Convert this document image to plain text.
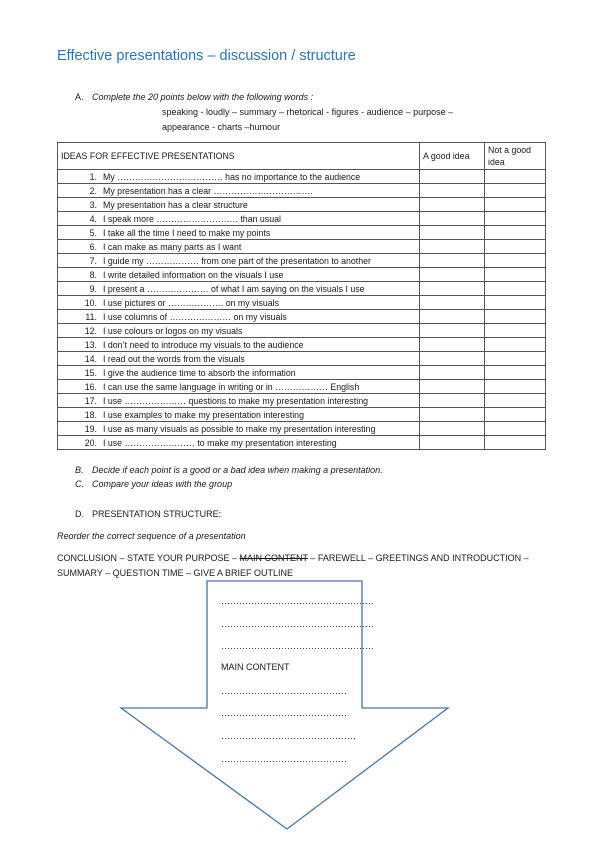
Effective presentations – discussion / structure
A. Complete the 20 points below with the following words :
speaking - loudly – summary – rhetorical - figures - audience – purpose –
appearance - charts –humour
IDEAS FOR EFFECTIVE PRESENTATIONS	A good idea	Not a good idea
1. My ……………………………… has no importance to the audience		
2. My presentation has a clear …………………………….		
3. My presentation has a clear structure		
4. I speak more ………………………. than usual		
5. I take all the time I need to make my points		
6. I can make as many parts as I want		
7. I guide my ……………… from one part of the presentation to another		
8. I write detailed information on the visuals I use		
9. I present a ………………… of what I am saying on the visuals I use		
10. I use pictures or ………………. on my visuals		
11. I use columns of ………………… on my visuals		
12. I use colours or logos on my visuals		
13. I don’t need to introduce my visuals to the audience		
14. I read out the words from the visuals		
15. I give the audience time to absorb the information		
16. I can use the same language in writing or in ……………… English		
17. I use ………………… questions to make my presentation interesting		
18. I use examples to make my presentation interesting		
19. I use as many visuals as possible to make my presentation interesting		
20. I use …………………… to make my presentation interesting		
B. Decide if each point is a good or a bad idea when making a presentation.
C. Compare your ideas with the group
D. PRESENTATION STRUCTURE:
Reorder the correct sequence of a presentation
CONCLUSION – STATE YOUR PURPOSE – MAIN CONTENT – FAREWELL – GREETINGS AND INTRODUCTION – SUMMARY – QUESTION TIME – GIVE A BRIEF OUTLINE
……………………………………………
……………………………………………
……………………………………………
MAIN CONTENT
……………………………………
……………………………………
………………………………………
……………………………………
